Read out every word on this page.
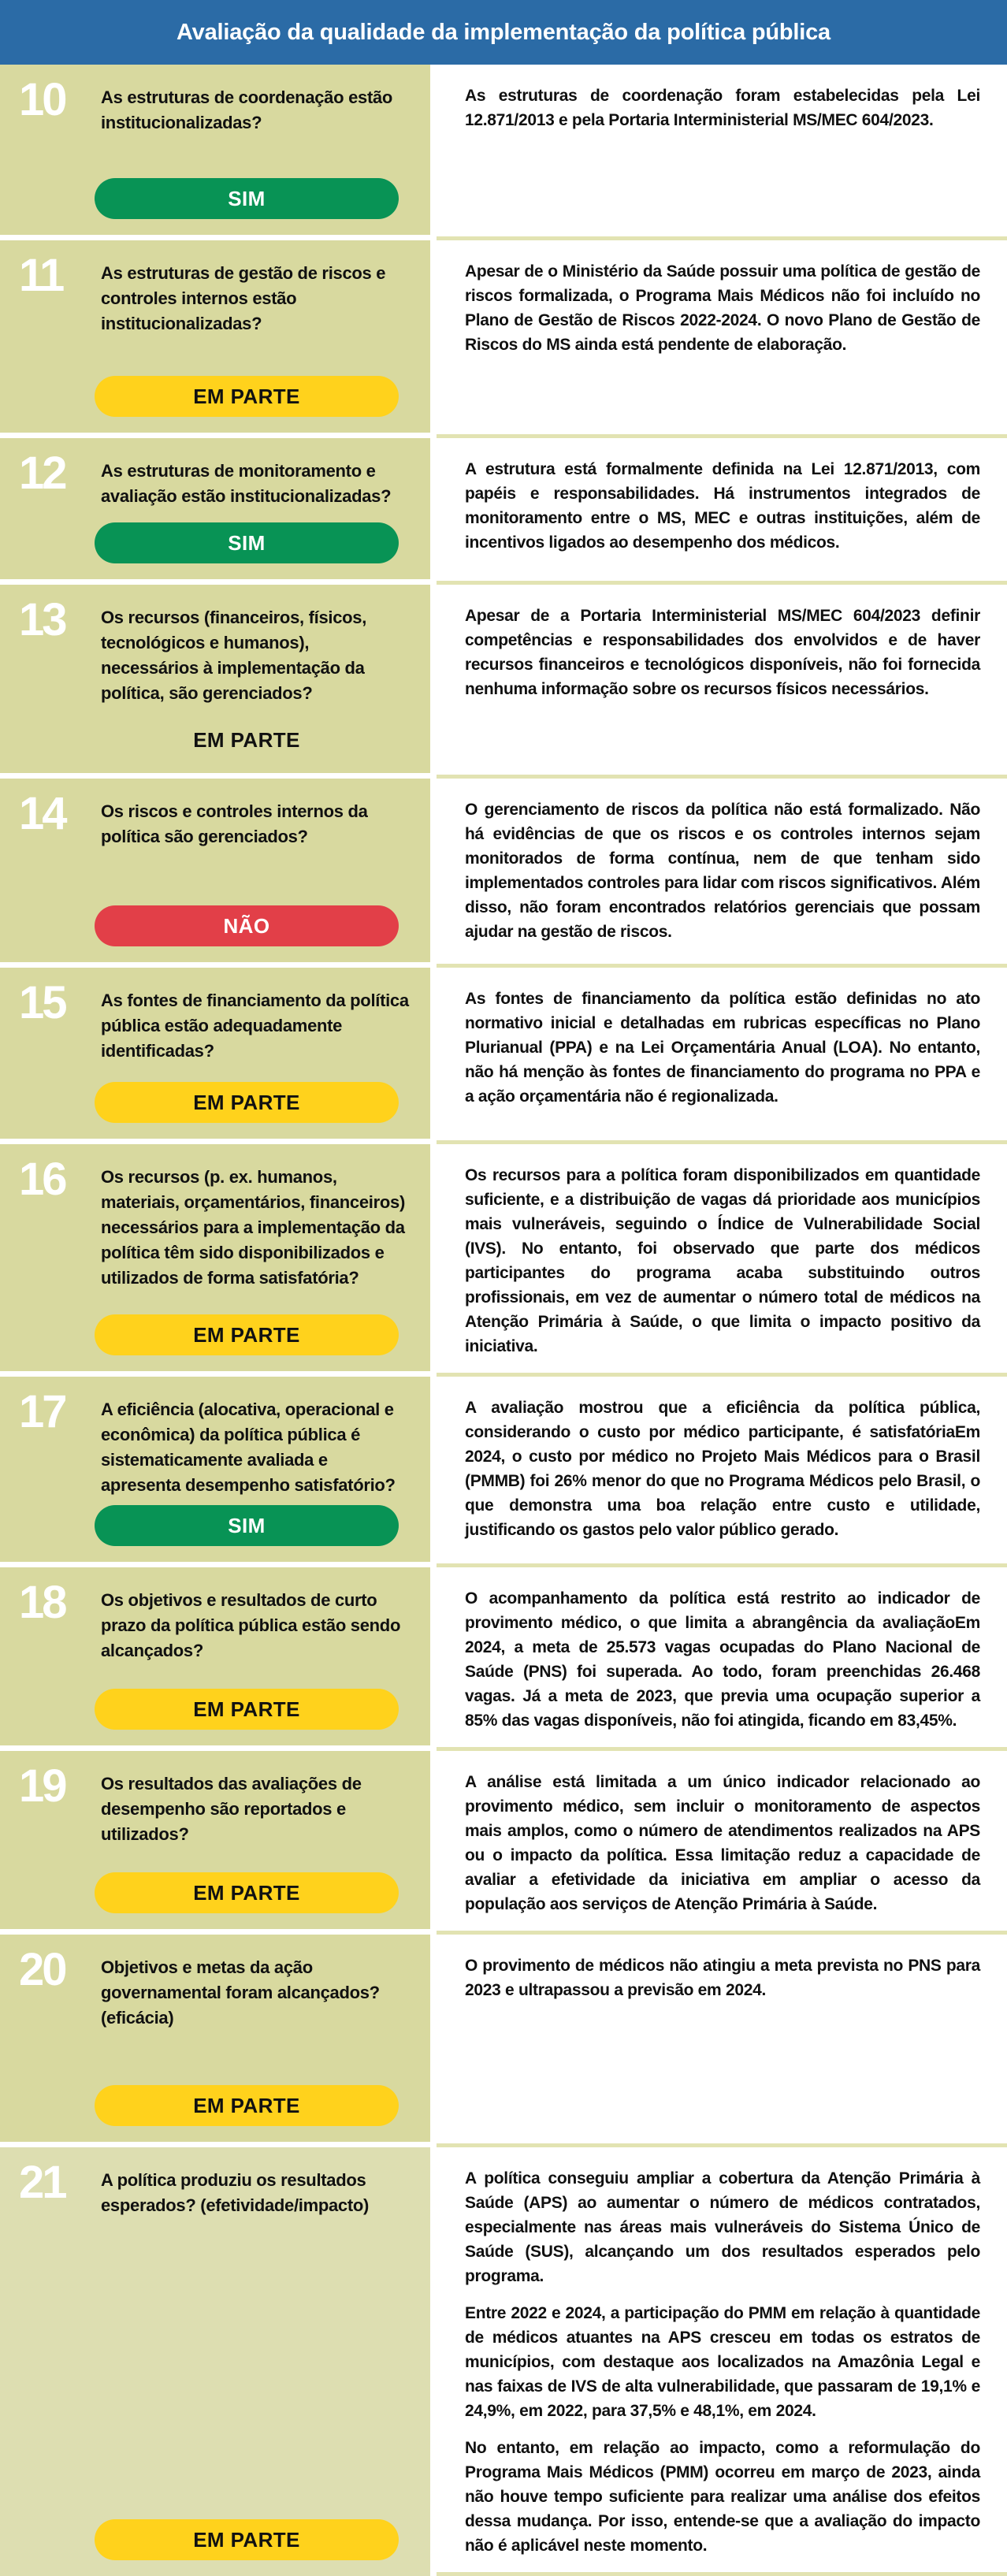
Avaliação da qualidade da implementação da política pública
10 As estruturas de coordenação estão institucionalizadas?
SIM

As estruturas de coordenação foram estabelecidas pela Lei 12.871/2013 e pela Portaria Interministerial MS/MEC 604/2023.

11 As estruturas de gestão de riscos e controles internos estão institucionalizadas?
EM PARTE

Apesar de o Ministério da Saúde possuir uma política de gestão de riscos formalizada, o Programa Mais Médicos não foi incluído no Plano de Gestão de Riscos 2022-2024. O novo Plano de Gestão de Riscos do MS ainda está pendente de elaboração.

12 As estruturas de monitoramento e avaliação estão institucionalizadas?
SIM

A estrutura está formalmente definida na Lei 12.871/2013, com papéis e responsabilidades. Há instrumentos integrados de monitoramento entre o MS, MEC e outras instituições, além de incentivos ligados ao desempenho dos médicos.

13 Os recursos (financeiros, físicos, tecnológicos e humanos), necessários à implementação da política, são gerenciados?
EM PARTE

Apesar de a Portaria Interministerial MS/MEC 604/2023 definir competências e responsabilidades dos envolvidos e de haver recursos financeiros e tecnológicos disponíveis, não foi fornecida nenhuma informação sobre os recursos físicos necessários.

14 Os riscos e controles internos da política são gerenciados?
NÃO

O gerenciamento de riscos da política não está formalizado. Não há evidências de que os riscos e os controles internos sejam monitorados de forma contínua, nem de que tenham sido implementados controles para lidar com riscos significativos. Além disso, não foram encontrados relatórios gerenciais que possam ajudar na gestão de riscos.

15 As fontes de financiamento da política pública estão adequadamente identificadas?
EM PARTE

As fontes de financiamento da política estão definidas no ato normativo inicial e detalhadas em rubricas específicas no Plano Plurianual (PPA) e na Lei Orçamentária Anual (LOA). No entanto, não há menção às fontes de financiamento do programa no PPA e a ação orçamentária não é regionalizada.

16 Os recursos (p. ex. humanos, materiais, orçamentários, financeiros) necessários para a implementação da política têm sido disponibilizados e utilizados de forma satisfatória?
EM PARTE

Os recursos para a política foram disponibilizados em quantidade suficiente, e a distribuição de vagas dá prioridade aos municípios mais vulneráveis, seguindo o Índice de Vulnerabilidade Social (IVS). No entanto, foi observado que parte dos médicos participantes do programa acaba substituindo outros profissionais, em vez de aumentar o número total de médicos na Atenção Primária à Saúde, o que limita o impacto positivo da iniciativa.

17 A eficiência (alocativa, operacional e econômica) da política pública é sistematicamente avaliada e apresenta desempenho satisfatório?
SIM

A avaliação mostrou que a eficiência da política pública, considerando o custo por médico participante, é satisfatóriaEm 2024, o custo por médico no Projeto Mais Médicos para o Brasil (PMMB) foi 26% menor do que no Programa Médicos pelo Brasil, o que demonstra uma boa relação entre custo e utilidade, justificando os gastos pelo valor público gerado.

18 Os objetivos e resultados de curto prazo da política pública estão sendo alcançados?
EM PARTE

O acompanhamento da política está restrito ao indicador de provimento médico, o que limita a abrangência da avaliaçãoEm 2024, a meta de 25.573 vagas ocupadas do Plano Nacional de Saúde (PNS) foi superada. Ao todo, foram preenchidas 26.468 vagas. Já a meta de 2023, que previa uma ocupação superior a 85% das vagas disponíveis, não foi atingida, ficando em 83,45%.

19 Os resultados das avaliações de desempenho são reportados e utilizados?
EM PARTE

A análise está limitada a um único indicador relacionado ao provimento médico, sem incluir o monitoramento de aspectos mais amplos, como o número de atendimentos realizados na APS ou o impacto da política. Essa limitação reduz a capacidade de avaliar a efetividade da iniciativa em ampliar o acesso da população aos serviços de Atenção Primária à Saúde.

20 Objetivos e metas da ação governamental foram alcançados? (eficácia)
EM PARTE

O provimento de médicos não atingiu a meta prevista no PNS para 2023 e ultrapassou a previsão em 2024.

21 A política produziu os resultados esperados? (efetividade/impacto)
EM PARTE

A política conseguiu ampliar a cobertura da Atenção Primária à Saúde (APS) ao aumentar o número de médicos contratados, especialmente nas áreas mais vulneráveis do Sistema Único de Saúde (SUS), alcançando um dos resultados esperados pelo programa.

Entre 2022 e 2024, a participação do PMM em relação à quantidade de médicos atuantes na APS cresceu em todas os estratos de municípios, com destaque aos localizados na Amazônia Legal e nas faixas de IVS de alta vulnerabilidade, que passaram de 19,1% e 24,9%, em 2022, para 37,5% e 48,1%, em 2024.

No entanto, em relação ao impacto, como a reformulação do Programa Mais Médicos (PMM) ocorreu em março de 2023, ainda não houve tempo suficiente para realizar uma análise dos efeitos dessa mudança. Por isso, entende-se que a avaliação do impacto não é aplicável neste momento.
